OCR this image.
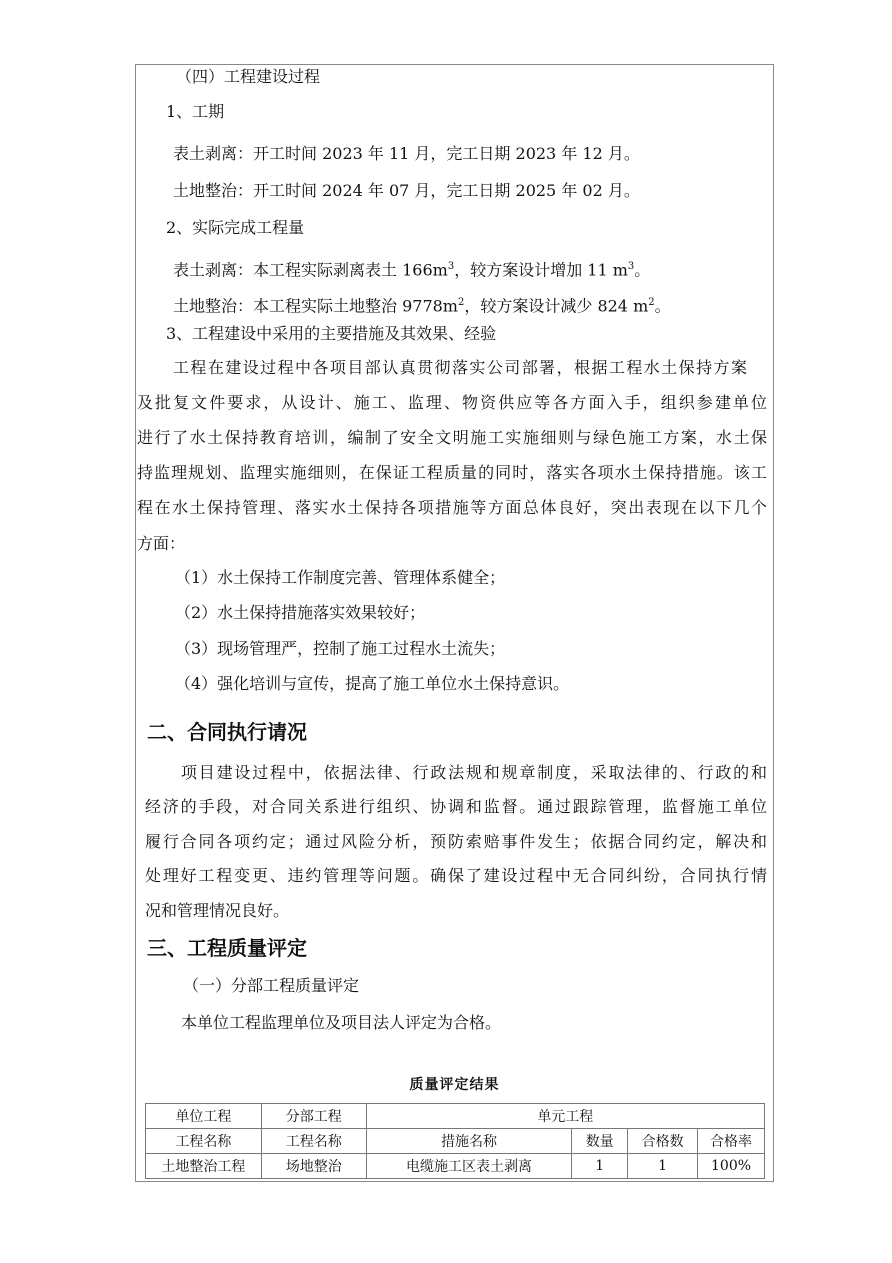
（四）工程建设过程
1、工期
表土剥离：开工时间 2023 年 11 月，完工日期 2023 年 12 月。
土地整治：开工时间 2024 年 07 月，完工日期 2025 年 02 月。
2、实际完成工程量
表土剥离：本工程实际剥离表土 $166m^3$，较方案设计增加 11 $m^3$。
土地整治：本工程实际土地整治 $9778m^2$，较方案设计减少 824 $m^2$。
3、工程建设中采用的主要措施及其效果、经验
工程在建设过程中各项目部认真贯彻落实公司部署，根据工程水土保持方案
及批复文件要求，从设计、施工、监理、物资供应等各方面入手，组织参建单位
进行了水土保持教育培训，编制了安全文明施工实施细则与绿色施工方案，水土保
持监理规划、监理实施细则，在保证工程质量的同时，落实各项水土保持措施。该工
程在水土保持管理、落实水土保持各项措施等方面总体良好，突出表现在以下几个
方面：
（1）水土保持工作制度完善、管理体系健全；
（2）水土保持措施落实效果较好；
（3）现场管理严，控制了施工过程水土流失；
（4）强化培训与宣传，提高了施工单位水土保持意识。
二、合同执行请况
项目建设过程中，依据法律、行政法规和规章制度，采取法律的、行政的和
经济的手段，对合同关系进行组织、协调和监督。通过跟踪管理，监督施工单位
履行合同各项约定；通过风险分析，预防索赔事件发生；依据合同约定，解决和
处理好工程变更、违约管理等问题。确保了建设过程中无合同纠纷，合同执行情
况和管理情况良好。
三、工程质量评定
（一）分部工程质量评定
本单位工程监理单位及项目法人评定为合格。
质量评定结果
单位工程	分部工程	单元工程			
工程名称	工程名称	措施名称	数量	合格数	合格率
土地整治工程	场地整治	电缆施工区表土剥离	1	1	100%
